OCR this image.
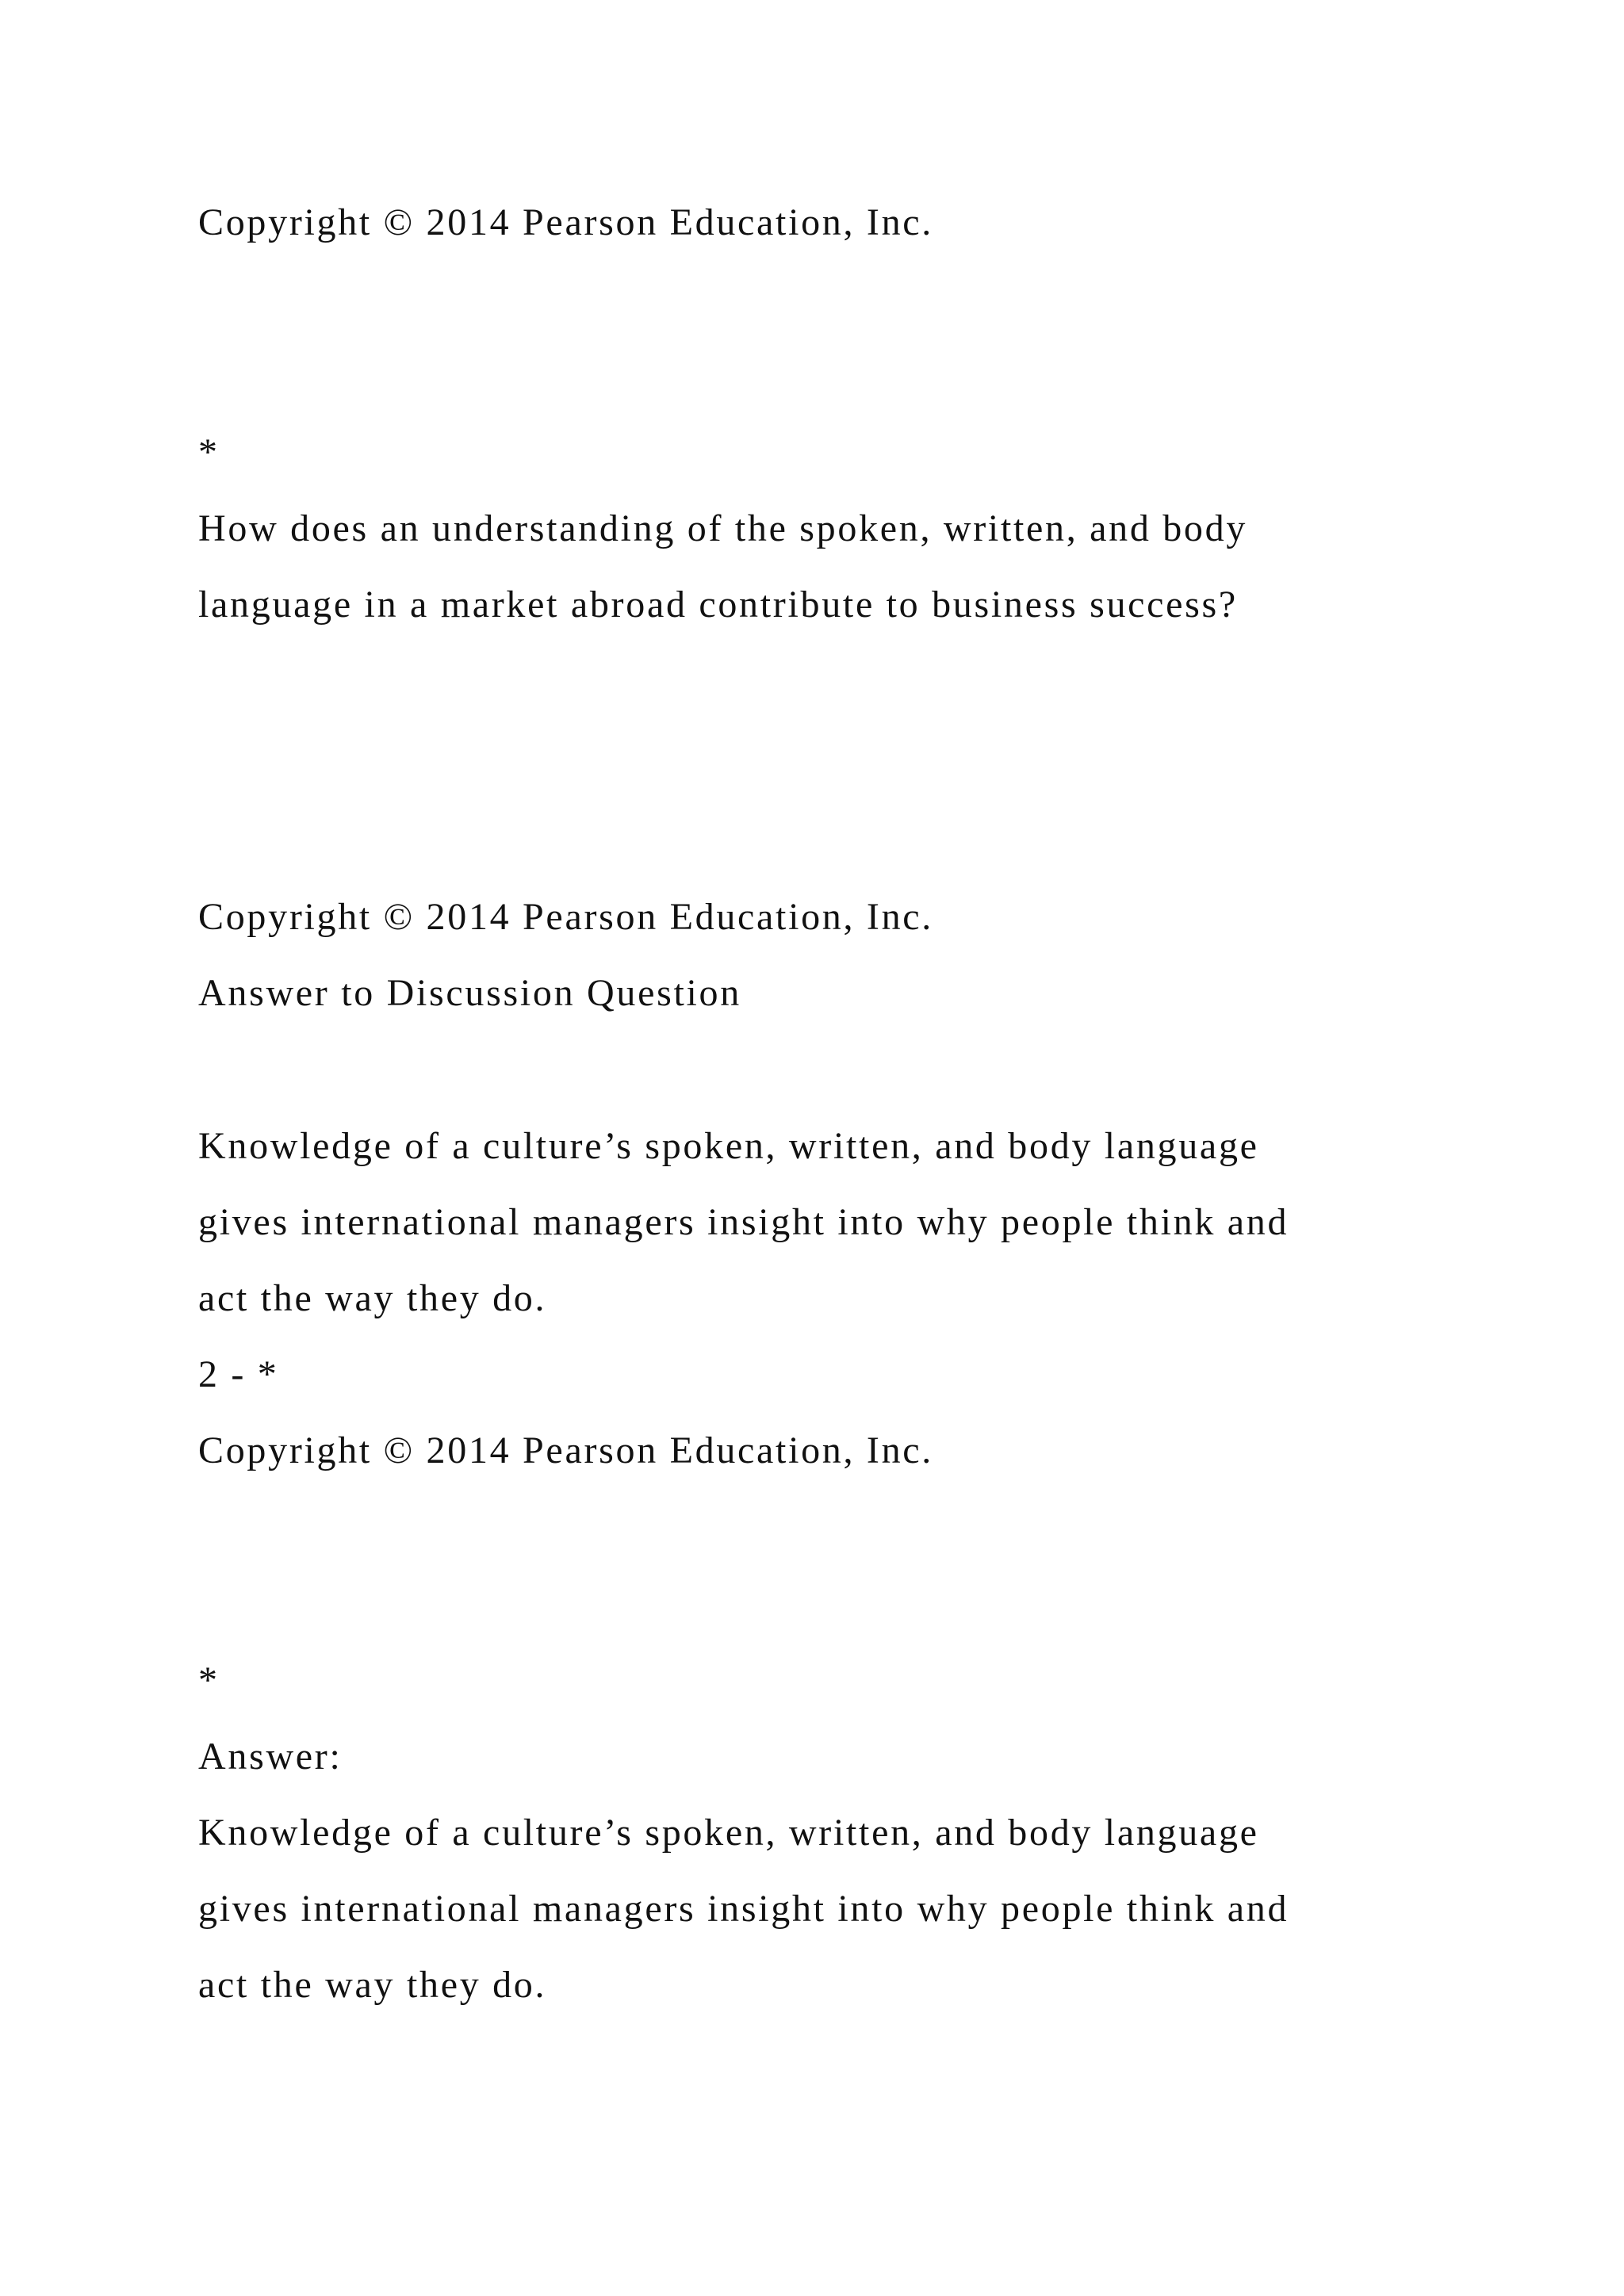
Copyright © 2014 Pearson Education, Inc.

*

How does an understanding of the spoken, written, and body

language in a market abroad contribute to business success?

Copyright © 2014 Pearson Education, Inc.

Answer to Discussion Question

Knowledge of a culture’s spoken, written, and body language

gives international managers insight into why people think and

act the way they do.

2 - *

Copyright © 2014 Pearson Education, Inc.

*

Answer:

Knowledge of a culture’s spoken, written, and body language

gives international managers insight into why people think and

act the way they do.
